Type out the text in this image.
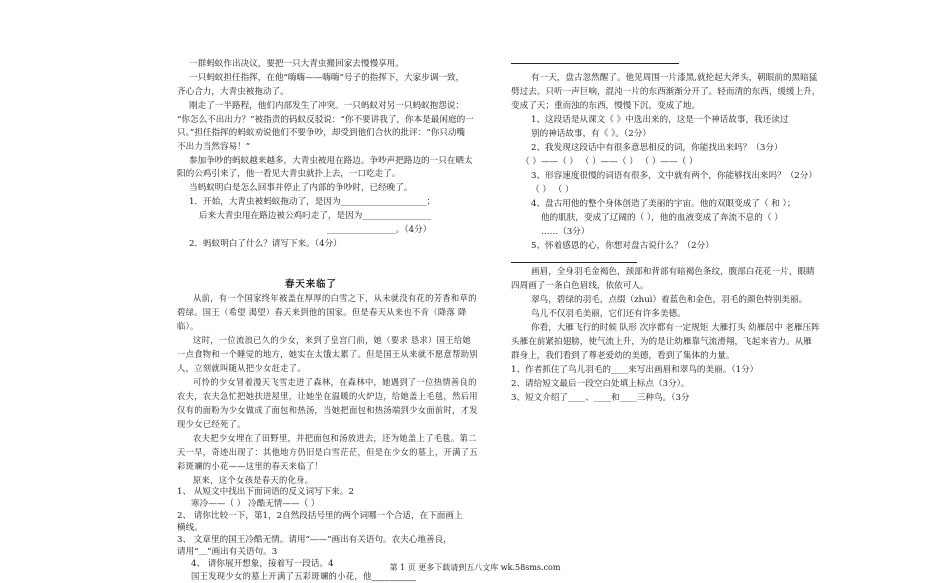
一群蚂蚁作出决议，要把一只大青虫搬回家去慢慢享用。
一只蚂蚁担任指挥，在他“嗨嗨——嗨嗨”号子的指挥下，大家步调一致，
齐心合力，大青虫被拖动了。
刚走了一半路程，他们内部发生了冲突。一只蚂蚁对另一只蚂蚁抱怨说：
“你怎么不出出力？”被指责的码蚁反驳说：“你不要讲我了，你本是最闲庭的一
只。”担任指挥的蚂蚁劝说他们不要争吵，却受到他们合伙的批评：“你只动嘴
不出力当然容易！”
参加争吵的蚂蚁越来越多，大青虫被甩在路边。争吵声把路边的一只在晒太
阳的公鸡引来了，他一看见大青虫就扑上去，一口吃走了。
当蚂蚁明白是怎么回事并停止了内部的争吵时，已经晚了。
1．开始，大青虫被蚂蚁拖动了，是因为____________________；
后来大青虫甩在路边被公鸡叼走了，是因为________________
________________。（4分）
2．蚂蚁明白了什么？请写下来。（4分）
春天来临了
从前，有一个国家终年被盖在厚厚的白雪之下，从未就没有花的芳香和草的
碧绿。国王（希望 渴望）春天来到他的国家。但是春天从来也不肯（降落 降
临）。
这时，一位流浪已久的少女，来到了皇宫门前，她（要求 恳求）国王给她
一点食物和一个睡觉的地方，她实在太饿太累了。但是国王从来就不愿意帮助别
人，立刻就叫随从把少女赶走了。
可怜的少女冒着漫天飞雪走进了森林，在森林中，她遇到了一位热情善良的
农夫，农夫急忙把她扶进屋里，让她坐在温暖的火炉边，给她盖上毛毯，然后用
仅有的面粉为少女做成了面包和热汤，当她把面包和热汤端到少女面前时，才发
现少女已经死了。
农夫把少女埋在了田野里，并把面包和汤放进去，还为她盖上了毛毯。第二
天一早，奇迹出现了：其他地方仍旧是白雪茫茫，但是在少女的墓上，开满了五
彩斑斓的小花——这里的春天来临了！
原来，这个女孩是春天的化身。
1、 从短文中找出下面词语的反义词写下来。2
寒冷——（ ） 冷酷无情——（ ）
2、 请你比较一下，第1，2自然段括号里的两个词哪一个合适，在下面画上
横线。
3、 文章里的国王冷酷无情。请用“——”画出有关语句。农夫心地善良，
请用“＿”画出有关语句。3
4、 请你展开想象，接着写一段话。4
国王发现少女的墓上开满了五彩斑斓的小花，他__________
有一天，盘古忽然醒了。他见周围一片漆黑,就抡起大斧头，朝眼前的黑暗猛
劈过去。只听一声巨响，混沌一片的东西渐渐分开了。轻而清的东西，缓缓上升，
变成了天；重而浊的东西，慢慢下沉，变成了地。
1、这段话是从课文《 》中选出来的，这是一个神话故事，我还读过
别的神话故事，有《 》。（2分）
2、我发现这段话中有很多意思相反的词，你能找出来吗？（3分）
（ ）——（ ） （ ）——（ ） （ ）——（ ）
3、形容速度很慢的词语有很多，文中就有两个，你能够找出来吗？（2分）
（ ） （ ）
4、盘古用他的整个身体创造了美丽的宇宙。他的双眼变成了（ 和 ）；
他的肌肤，变成了辽阔的（ ），他的血液变成了奔流不息的（ ）
……（3分）
5、怀着感恩的心，你想对盘古说什么？（2分）
画眉，全身羽毛金褐色，颈部和背部有暗褐色条纹，腹部白花花一片，眼睛
四周画了一条白色眉线，依依可人。
翠鸟，碧绿的羽毛，点缀（zhuì）着蓝色和金色，羽毛的颜色特别美丽。
鸟儿不仅羽毛美丽，它们还有许多美德。
你看，大雁飞行的时候 队形 次序都有一定规矩 大雁打头 幼雁居中 老雁压阵
头雁在前紧拍翅膀，使气流上升，为的是让幼雁靠气流滑翔，飞起来省力。从雁
群身上，我们看到了尊老爱幼的美德，看到了集体的力量。
1、作者抓住了鸟儿羽毛的____来写出画眉和翠鸟的美丽。（1分）
2、请给短文最后一段空白处填上标点（3分）。
3、短文介绍了____、____和____三种鸟。（3分
第 1 页 更多下载请到五八文库 wk.58sms.com
